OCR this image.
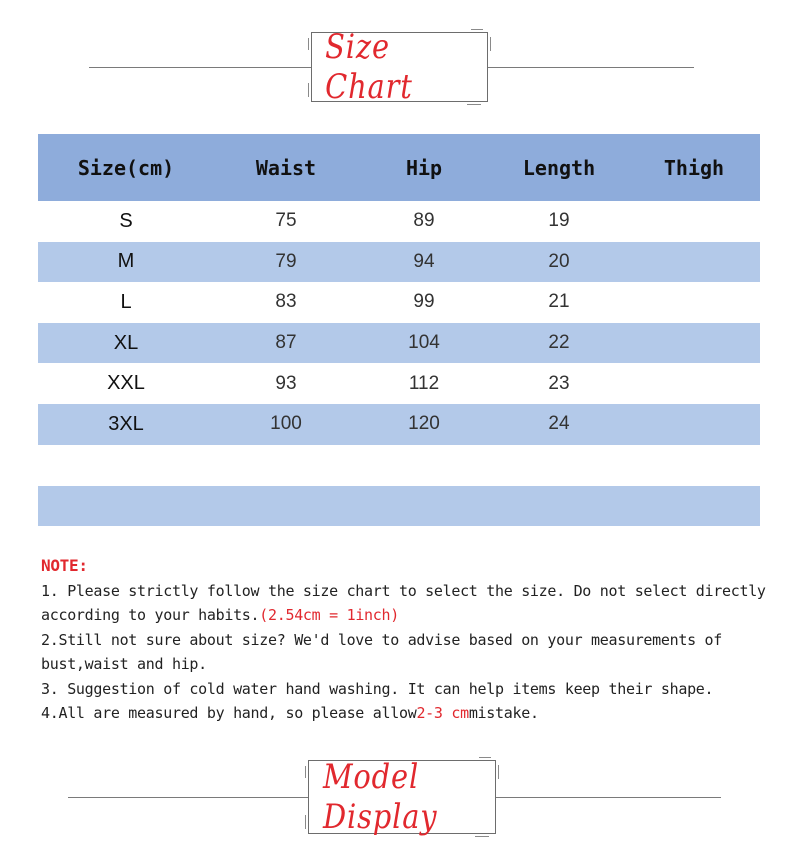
Size Chart
Size(cm)	Waist	Hip	Length	Thigh
S	75	89	19	
M	79	94	20	
L	83	99	21	
XL	87	104	22	
XXL	93	112	23	
3XL	100	120	24	

NOTE:

1. Please strictly follow the size chart to select the size. Do not select directly according to your habits.(2.54cm = 1inch)

2.Still not sure about size? We'd love to advise based on your measurements of bust,waist and hip.

3. Suggestion of cold water hand washing. It can help items keep their shape.

4.All are measured by hand, so please allow2-3 cmmistake.

Model Display
